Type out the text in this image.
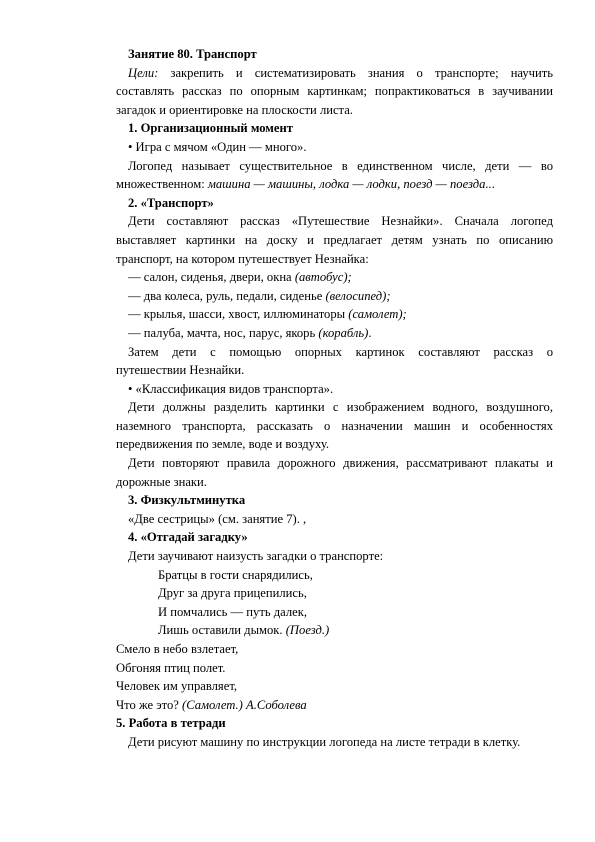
Занятие 80. Транспорт
Цели: закрепить и систематизировать знания о транспорте; научить
составлять рассказ по опорным картинкам; попрактиковаться в заучивании
загадок и ориентировке на плоскости листа.
1. Организационный момент
• Игра с мячом «Один — много».
Логопед называет существительное в единственном числе, дети — во
множественном: машина — машины, лодка — лодки, поезд — поезда...
2. «Транспорт»
Дети составляют рассказ «Путешествие Незнайки». Сначала логопед
выставляет картинки на доску и предлагает детям узнать по описанию
транспорт, на котором путешествует Незнайка:
— салон, сиденья, двери, окна (автобус);
— два колеса, руль, педали, сиденье (велосипед);
— крылья, шасси, хвост, иллюминаторы (самолет);
— палуба, мачта, нос, парус, якорь (корабль).
Затем дети с помощью опорных картинок составляют рассказ о
путешествии Незнайки.
• «Классификация видов транспорта».
Дети должны разделить картинки с изображением водного, воздушного,
наземного транспорта, рассказать о назначении машин и особенностях
передвижения по земле, воде и воздуху.
Дети повторяют правила дорожного движения, рассматривают плакаты и
дорожные знаки.
3. Физкультминутка
«Две сестрицы» (см. занятие 7). ,
4. «Отгадай загадку»
Дети заучивают наизусть загадки о транспорте:
Братцы в гости снарядились,
Друг за друга прицепились,
И помчались — путь далек,
Лишь оставили дымок. (Поезд.)
Смело в небо взлетает,
Обгоняя птиц полет.
Человек им управляет,
Что же это? (Самолет.) А.Соболева
5. Работа в тетради
Дети рисуют машину по инструкции логопеда на листе тетради в клетку.
